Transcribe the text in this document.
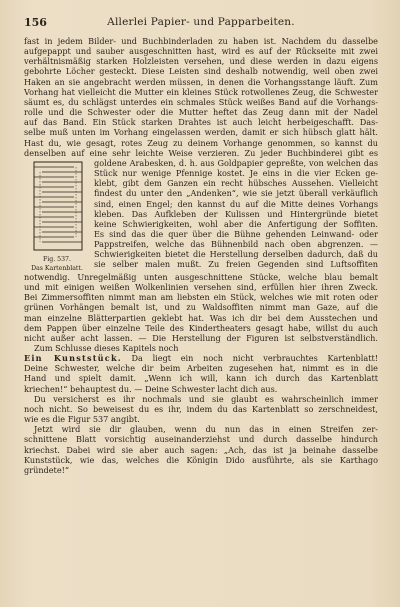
156	Allerlei Papier- und Papparbeiten.
fast in jedem Bilder- und Buchbinderladen zu haben ist. Nachdem du dasselbe
aufgepappt und sauber ausgeschnitten hast, wird es auf der Rückseite mit zwei
verhältnismäßig starken Holzleisten versehen, und diese werden in dazu eigens
gebohrte Löcher gesteckt. Diese Leisten sind deshalb notwendig, weil oben zwei
Haken an sie angebracht werden müssen, in denen die Vorhangsstange läuft. Zum
Vorhang hat vielleicht die Mutter ein kleines Stück rotwollenes Zeug, die Schwester
säumt es, du schlägst unterdes ein schmales Stück weißes Band auf die Vorhangs-
rolle und die Schwester oder die Mutter heftet das Zeug dann mit der Nadel
auf das Band. Ein Stück starken Drahtes ist auch leicht herbeigeschafft. Das-
selbe muß unten im Vorhang eingelassen werden, damit er sich hübsch glatt hält.
Hast du, wie gesagt, rotes Zeug zu deinem Vorhange genommen, so kannst du
denselben auf eine sehr leichte Weise verzieren. Zu jeder Buchbinderei gibt es
Fig. 537.
Das Kartenblatt.
goldene Arabesken, d. h. aus Goldpapier gepreßte, von welchen das
Stück nur wenige Pfennige kostet. Je eins in die vier Ecken ge-
klebt, gibt dem Ganzen ein recht hübsches Aussehen. Vielleicht
findest du unter den „Andenken“, wie sie jetzt überall verkäuflich
sind, einen Engel; den kannst du auf die Mitte deines Vorhangs
kleben. Das Aufkleben der Kulissen und Hintergründe bietet
keine Schwierigkeiten, wohl aber die Anfertigung der Soffiten.
Es sind das die quer über die Bühne gehenden Leinwand- oder
Pappstreifen, welche das Bühnenbild nach oben abgrenzen. —
Schwierigkeiten bietet die Herstellung derselben dadurch, daß du
sie selber malen mußt. Zu freien Gegenden sind Luftsoffiten
notwendig. Unregelmäßig unten ausgeschnittene Stücke, welche blau bemalt
und mit einigen weißen Wolkenlinien versehen sind, erfüllen hier ihren Zweck.
Bei Zimmersoffiten nimmt man am liebsten ein Stück, welches wie mit roten oder
grünen Vorhängen bemalt ist, und zu Waldsoffiten nimmt man Gaze, auf die
man einzelne Blätterpartien geklebt hat. Was ich dir bei dem Ausstechen und
dem Pappen über einzelne Teile des Kindertheaters gesagt habe, willst du auch
nicht außer acht lassen. — Die Herstellung der Figuren ist selbstverständlich.
Zum Schlusse dieses Kapitels noch
Ein Kunststück. Da liegt ein noch nicht verbrauchtes Kartenblatt!
Deine Schwester, welche dir beim Arbeiten zugesehen hat, nimmt es in die
Hand und spielt damit. „Wenn ich will, kann ich durch das Kartenblatt
kriechen!“ behauptest du. — Deine Schwester lacht dich aus.
Du versicherst es ihr nochmals und sie glaubt es wahrscheinlich immer
noch nicht. So beweisest du es ihr, indem du das Kartenblatt so zerschneidest,
wie es die Figur 537 angibt.
Jetzt wird sie dir glauben, wenn du nun das in einen Streifen zer-
schnittene Blatt vorsichtig auseinanderziehst und durch dasselbe hindurch
kriechst. Dabei wird sie aber auch sagen: „Ach, das ist ja beinahe dasselbe
Kunststück, wie das, welches die Königin Dido ausführte, als sie Karthago
gründete!“
